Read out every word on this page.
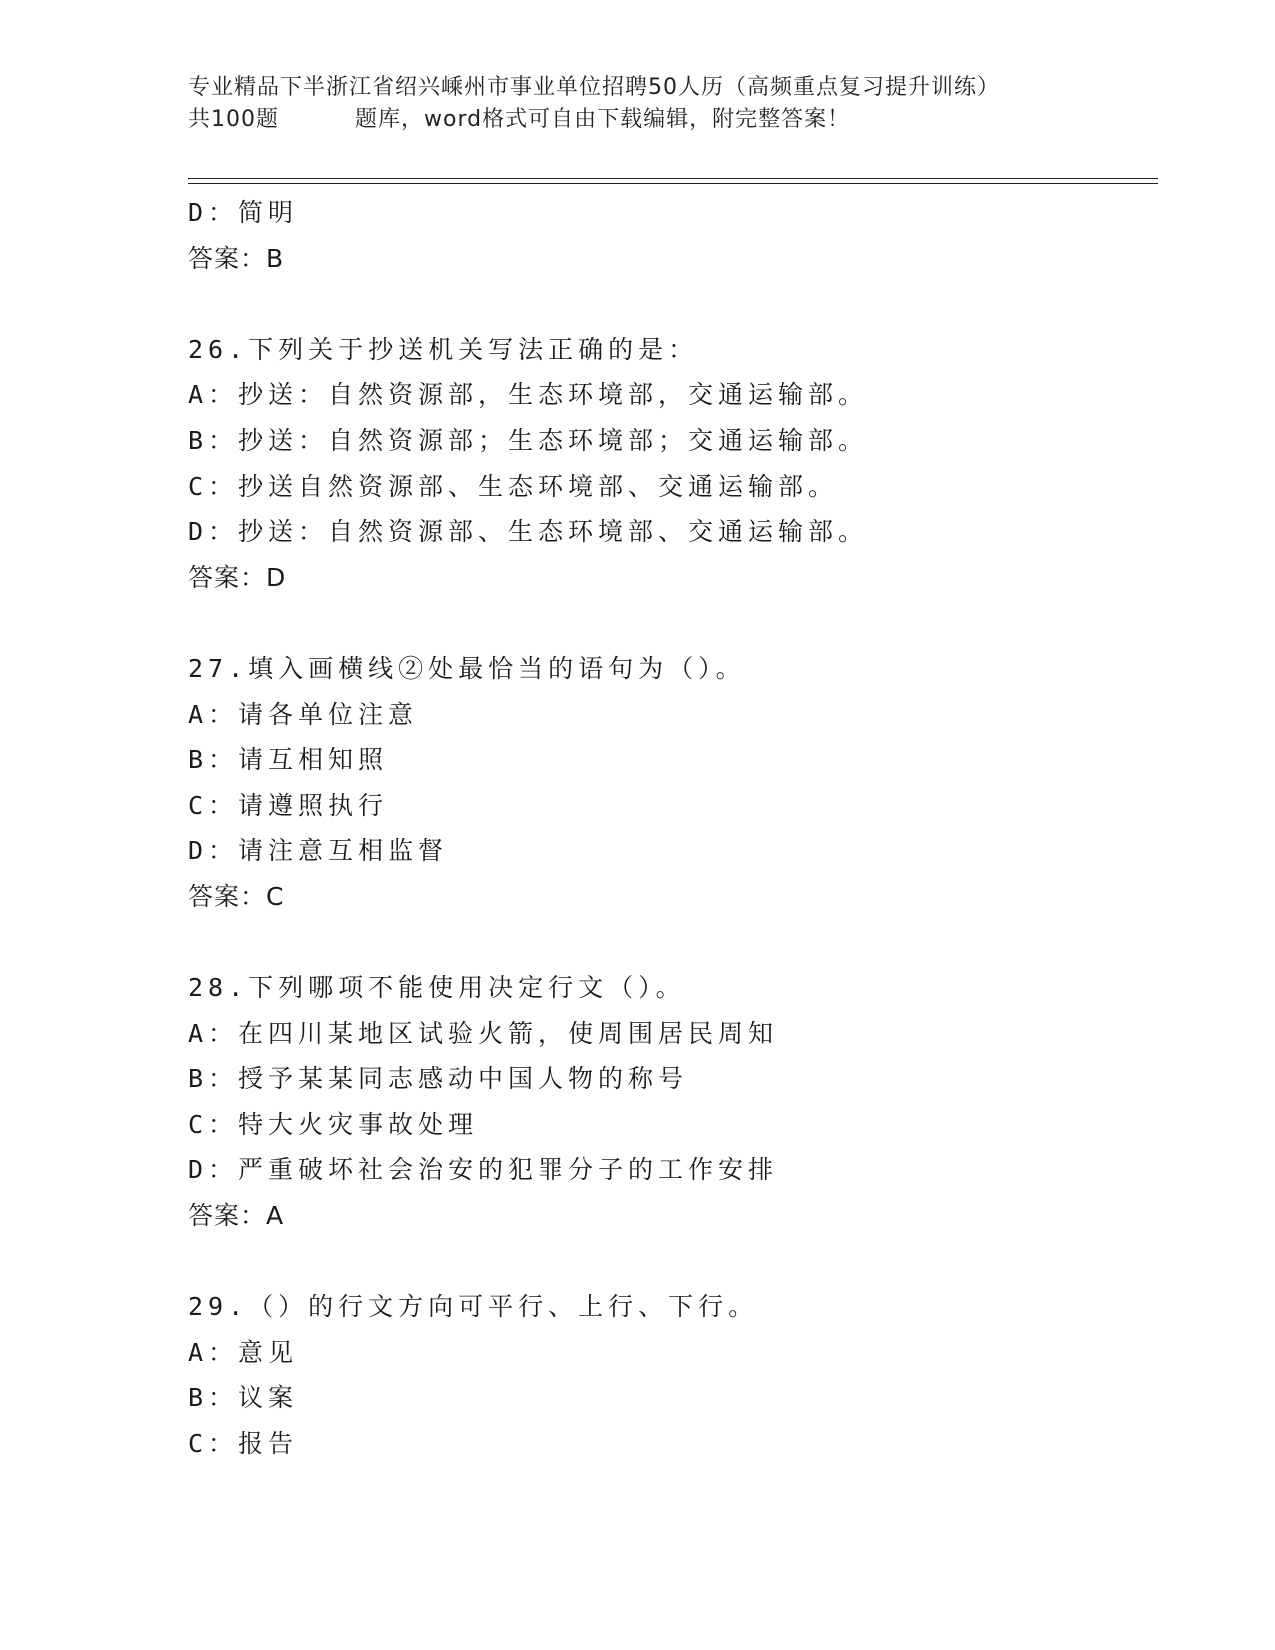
专业精品下半浙江省绍兴嵊州市事业单位招聘50人历（高频重点复习提升训练）
共100题	题库，word格式可自由下载编辑，附完整答案！
D：简明
答案：B
26.下列关于抄送机关写法正确的是：
A：抄送：自然资源部，生态环境部，交通运输部。
B：抄送：自然资源部；生态环境部；交通运输部。
C：抄送自然资源部、生态环境部、交通运输部。
D：抄送：自然资源部、生态环境部、交通运输部。
答案：D
27.填入画横线②处最恰当的语句为（）。
A：请各单位注意
B：请互相知照
C：请遵照执行
D：请注意互相监督
答案：C
28.下列哪项不能使用决定行文（）。
A：在四川某地区试验火箭，使周围居民周知
B：授予某某同志感动中国人物的称号
C：特大火灾事故处理
D：严重破坏社会治安的犯罪分子的工作安排
答案：A
29.（）的行文方向可平行、上行、下行。
A：意见
B：议案
C：报告
